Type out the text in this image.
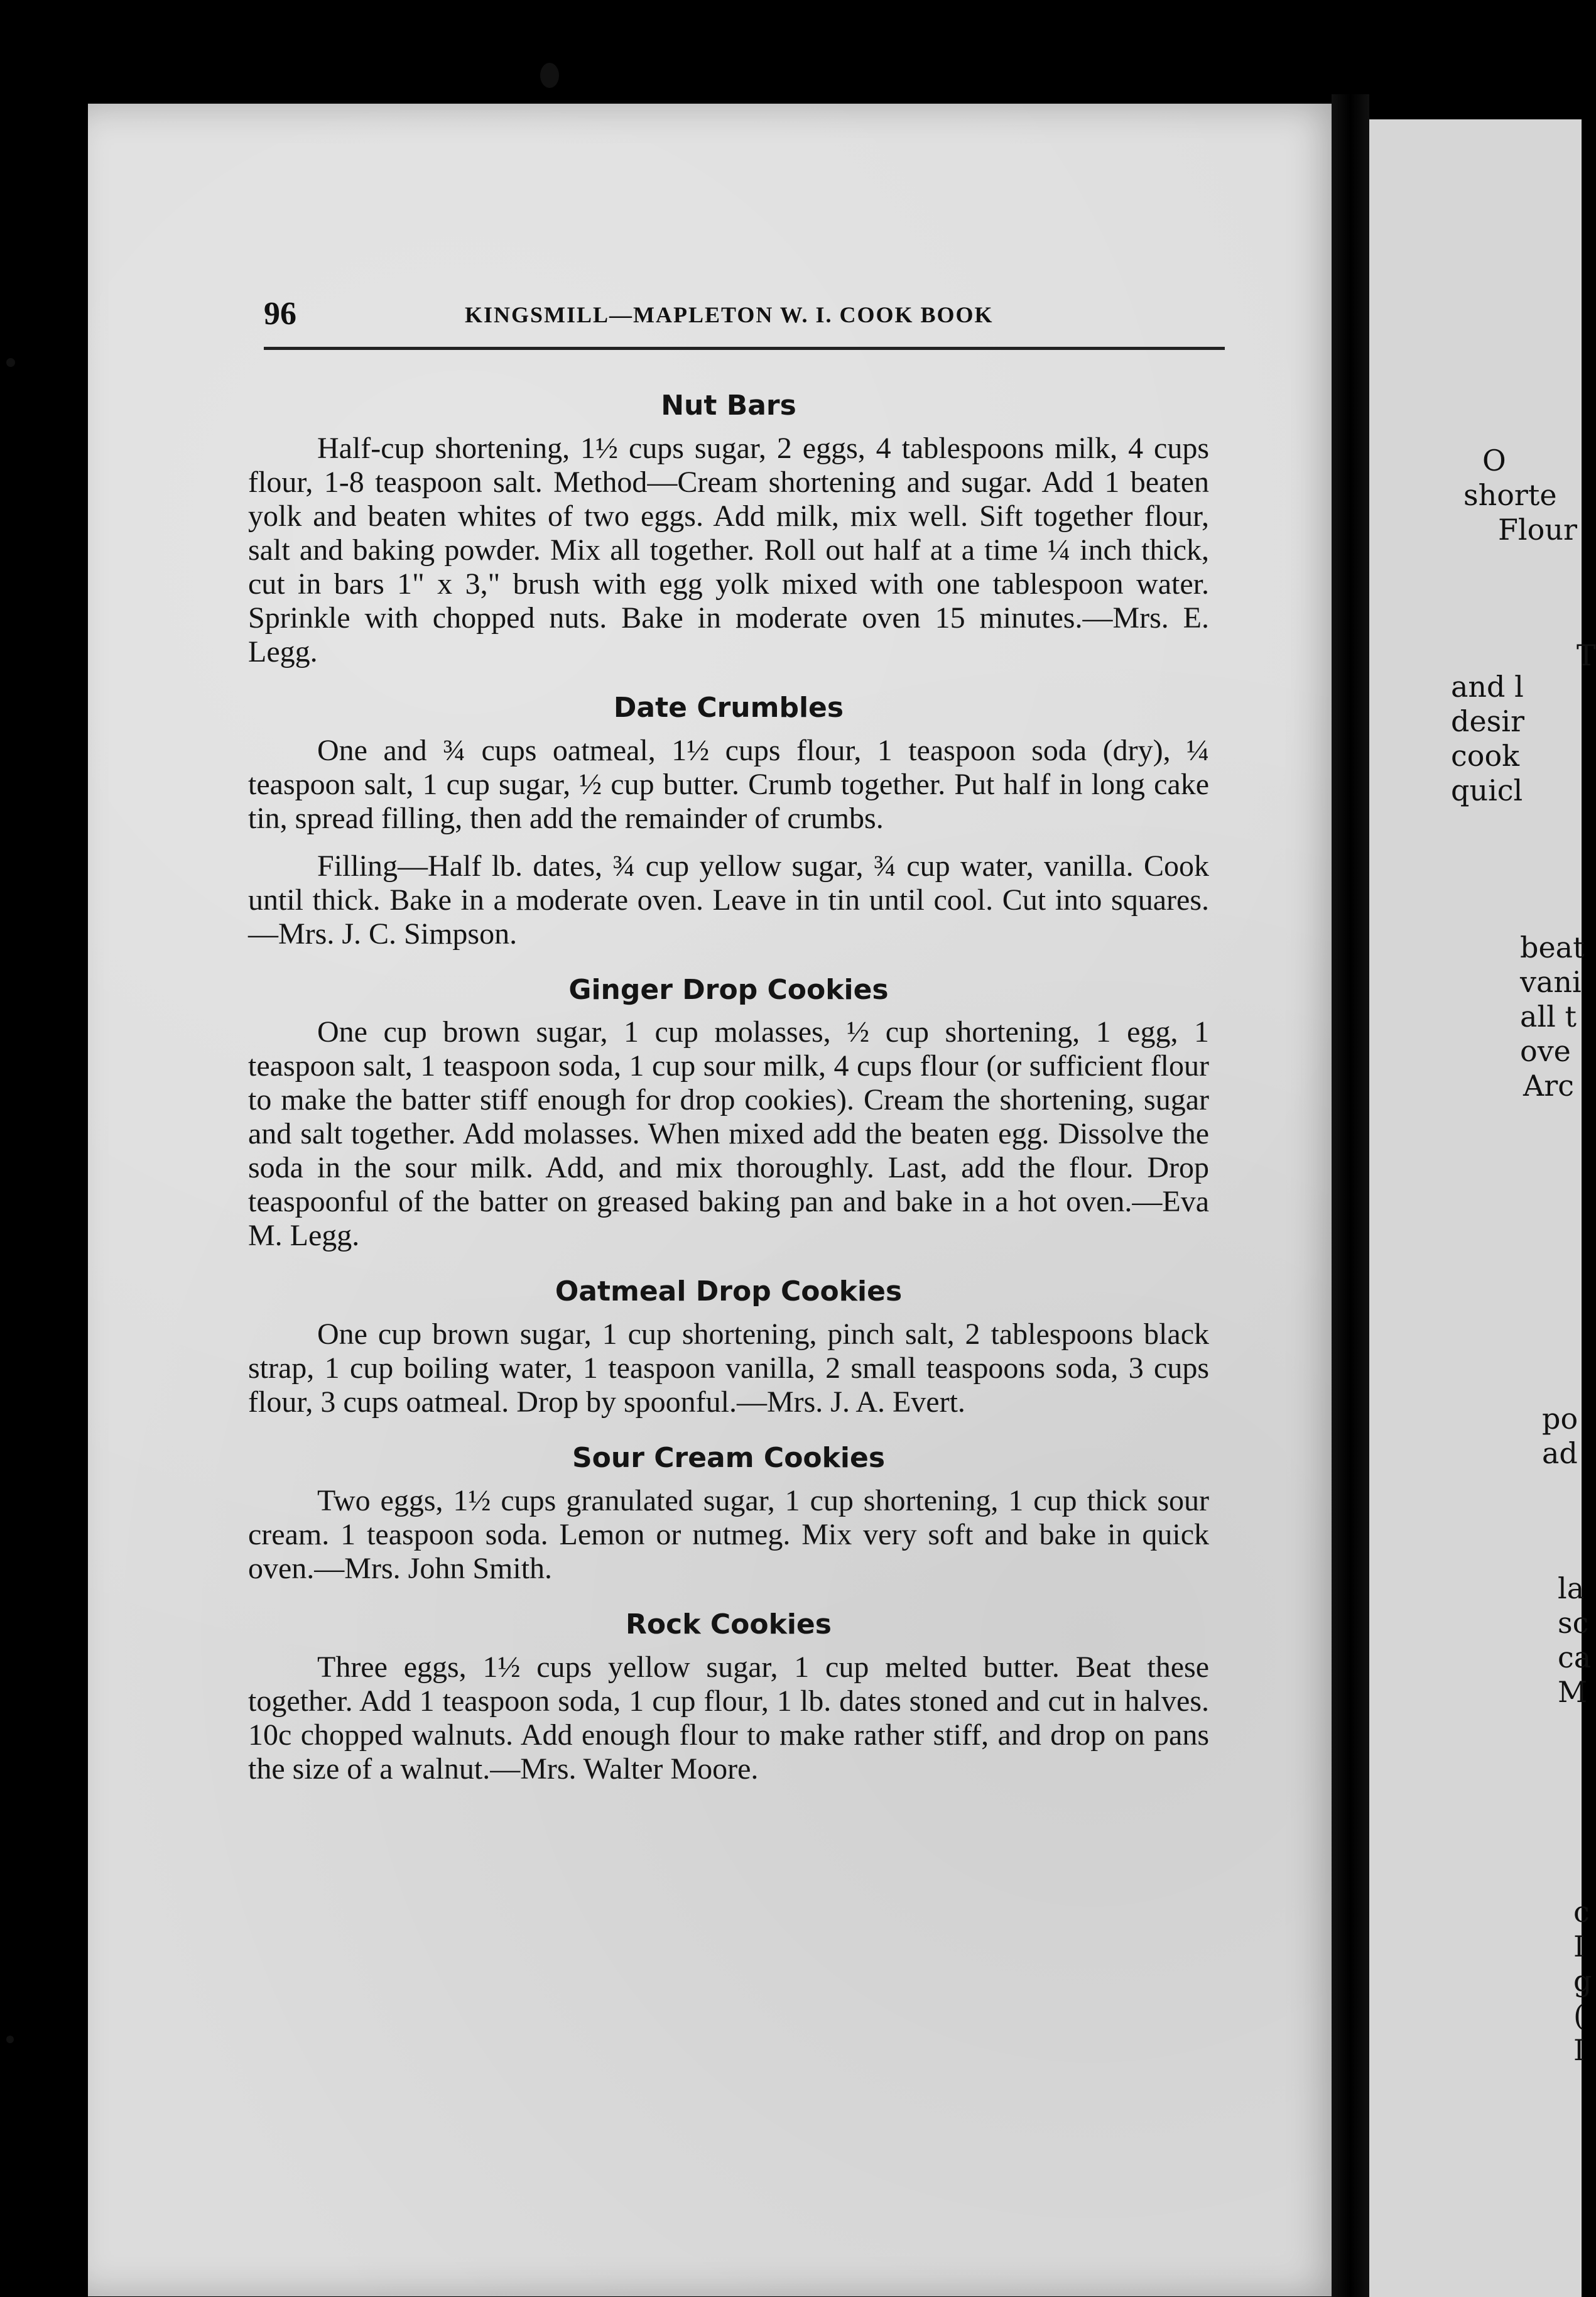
O
shorte
Flour
T
and l
desir
cook
quicl
beat
vani
all t
ove
Arc
po
ad
la
sc
ca
M
c
I
g
(
I
96	KINGSMILL—MAPLETON W. I. COOK BOOK
Nut Bars

Half-cup shortening, 1½ cups sugar, 2 eggs, 4 tablespoons milk, 4 cups flour, 1-8 teaspoon salt. Method—Cream shortening and sugar. Add 1 beaten yolk and beaten whites of two eggs. Add milk, mix well. Sift together flour, salt and baking powder. Mix all together. Roll out half at a time ¼ inch thick, cut in bars 1" x 3," brush with egg yolk mixed with one tablespoon water. Sprinkle with chopped nuts. Bake in moderate oven 15 minutes.—Mrs. E. Legg.

Date Crumbles

One and ¾ cups oatmeal, 1½ cups flour, 1 teaspoon soda (dry), ¼ teaspoon salt, 1 cup sugar, ½ cup butter. Crumb together. Put half in long cake tin, spread filling, then add the remainder of crumbs.

Filling—Half lb. dates, ¾ cup yellow sugar, ¾ cup water, vanilla. Cook until thick. Bake in a moderate oven. Leave in tin until cool. Cut into squares.—Mrs. J. C. Simpson.

Ginger Drop Cookies

One cup brown sugar, 1 cup molasses, ½ cup shortening, 1 egg, 1 teaspoon salt, 1 teaspoon soda, 1 cup sour milk, 4 cups flour (or sufficient flour to make the batter stiff enough for drop cookies). Cream the shortening, sugar and salt together. Add molasses. When mixed add the beaten egg. Dissolve the soda in the sour milk. Add, and mix thoroughly. Last, add the flour. Drop teaspoonful of the batter on greased baking pan and bake in a hot oven.—Eva M. Legg.

Oatmeal Drop Cookies

One cup brown sugar, 1 cup shortening, pinch salt, 2 tablespoons black strap, 1 cup boiling water, 1 teaspoon vanilla, 2 small teaspoons soda, 3 cups flour, 3 cups oatmeal. Drop by spoonful.—Mrs. J. A. Evert.

Sour Cream Cookies

Two eggs, 1½ cups granulated sugar, 1 cup shortening, 1 cup thick sour cream. 1 teaspoon soda. Lemon or nutmeg. Mix very soft and bake in quick oven.—Mrs. John Smith.

Rock Cookies

Three eggs, 1½ cups yellow sugar, 1 cup melted butter. Beat these together. Add 1 teaspoon soda, 1 cup flour, 1 lb. dates stoned and cut in halves. 10c chopped walnuts. Add enough flour to make rather stiff, and drop on pans the size of a walnut.—Mrs. Walter Moore.
